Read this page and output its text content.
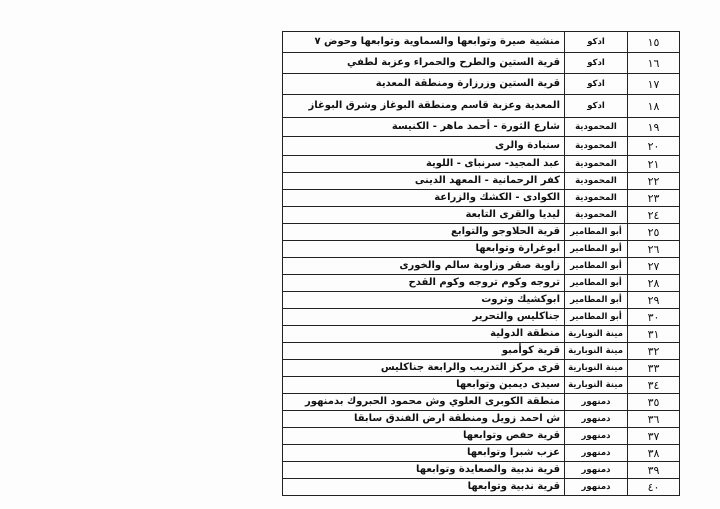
١٥	ادكو	منشية صيرة وتوابعها والسماوية وتوابعها وحوض ٧
١٦	ادكو	قرية الستين والطرح والحمراء وعزبة لطفي
١٧	ادكو	قرية الستين وزرزارة ومنطقة المعدية
١٨	ادكو	المعدية وعزبة قاسم ومنطقة البوغاز وشرق البوغاز
١٩	المحمودية	شارع الثورة - أحمد ماهر - الكنيسة
٢٠	المحمودية	سنبادة والرى
٢١	المحمودية	عبد المجيد- سرنباى - اللوية
٢٢	المحمودية	كفر الرحمانية - المعهد الدينى
٢٣	المحمودية	الكوادى - الكشك والزراعة
٢٤	المحمودية	ليديا والقرى التابعة
٢٥	أبو المطامير	قرية الحلاوجو والتوابع
٢٦	أبو المطامير	ابوغرارة وتوابعها
٢٧	أبو المطامير	زاوية صقر وزاوية سالم والخورى
٢٨	أبو المطامير	تروجه وكوم تروجه وكوم القدح
٢٩	أبو المطامير	ابوكشيك وتروت
٣٠	أبو المطامير	جناكليس والتحرير
٣١	مينة النوبارية	منطقة الدولية
٣٢	مينة النوبارية	قرية كوأمبو
٣٣	مينة النوبارية	قرى مركز التدريب والرابعة جناكليس
٣٤	مينة النوبارية	سيدى ديمين وتوابعها
٣٥	دمنهور	منطقة الكوبرى العلوي وش محمود الحبروك بدمنهور
٣٦	دمنهور	ش احمد زويل ومنطقة ارض الفندق سابقا
٣٧	دمنهور	قرية حفص وتوابعها
٣٨	دمنهور	عزب شبرا وتوابعها
٣٩	دمنهور	قرية ندبية والصعايدة وتوابعها
٤٠	دمنهور	قرية ندبية وتوابعها
